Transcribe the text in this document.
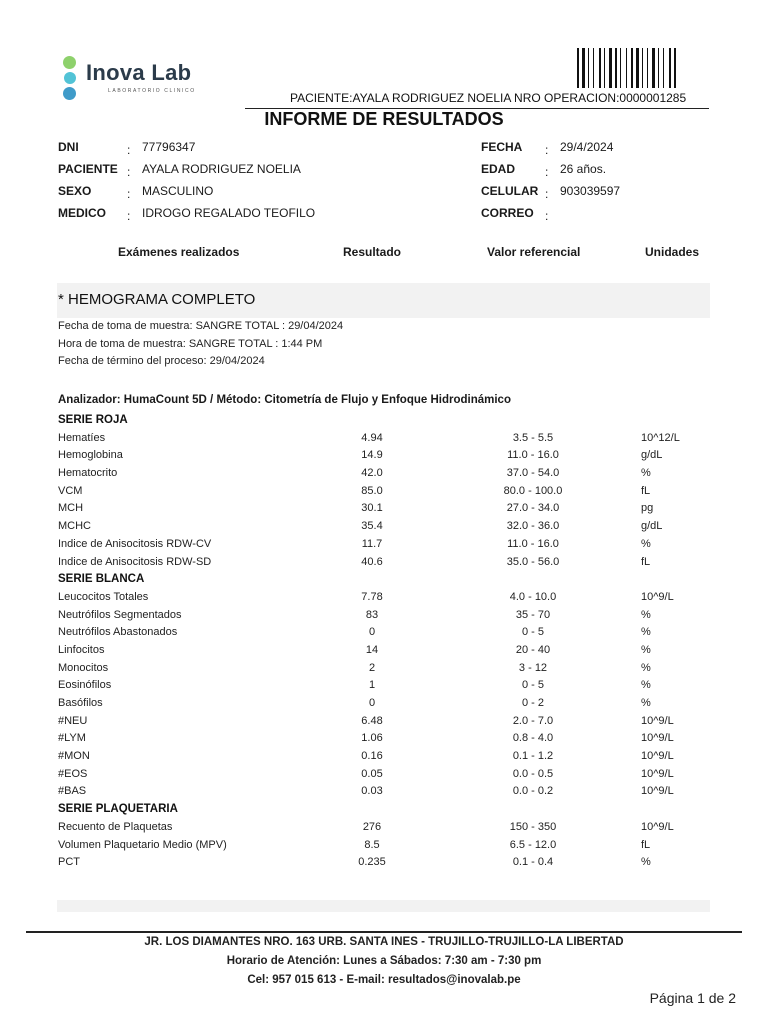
Inova Lab
LABORATORIO CLINICO	PACIENTE:AYALA RODRIGUEZ NOELIA NRO OPERACION:0000001285
INFORME DE RESULTADOS
DNI	: 77796347
PACIENTE : AYALA RODRIGUEZ NOELIA
SEXO	: MASCULINO
MEDICO : IDROGO REGALADO TEOFILO
FECHA : 29/4/2024
EDAD : 26 años.
CELULAR : 903039597
CORREO :
Exámenes realizados	Resultado	Valor referencial	Unidades
* HEMOGRAMA COMPLETO
Fecha de toma de muestra: SANGRE TOTAL : 29/04/2024
Hora de toma de muestra: SANGRE TOTAL : 1:44 PM
Fecha de término del proceso: 29/04/2024
Analizador: HumaCount 5D / Método: Citometría de Flujo y Enfoque Hidrodinámico
SERIE ROJA
Hematíes	4.94	3.5 - 5.5	10^12/L
Hemoglobina	14.9	11.0 - 16.0	g/dL
Hematocrito	42.0	37.0 - 54.0	%
VCM	85.0	80.0 - 100.0	fL
MCH	30.1	27.0 - 34.0	pg
MCHC	35.4	32.0 - 36.0	g/dL
Indice de Anisocitosis RDW-CV	11.7	11.0 - 16.0	%
Indice de Anisocitosis RDW-SD	40.6	35.0 - 56.0	fL
SERIE BLANCA
Leucocitos Totales	7.78	4.0 - 10.0	10^9/L
Neutrófilos Segmentados	83	35 - 70	%
Neutrófilos Abastonados	0	0 - 5	%
Linfocitos	14	20 - 40	%
Monocitos	2	3 - 12	%
Eosinófilos	1	0 - 5	%
Basófilos	0	0 - 2	%
#NEU	6.48	2.0 - 7.0	10^9/L
#LYM	1.06	0.8 - 4.0	10^9/L
#MON	0.16	0.1 - 1.2	10^9/L
#EOS	0.05	0.0 - 0.5	10^9/L
#BAS	0.03	0.0 - 0.2	10^9/L
SERIE PLAQUETARIA
Recuento de Plaquetas	276	150 - 350	10^9/L
Volumen Plaquetario Medio (MPV)	8.5	6.5 - 12.0	fL
PCT	0.235	0.1 - 0.4	%
JR. LOS DIAMANTES NRO. 163 URB. SANTA INES - TRUJILLO-TRUJILLO-LA LIBERTAD
Horario de Atención: Lunes a Sábados: 7:30 am - 7:30 pm
Cel: 957 015 613 - E-mail: resultados@inovalab.pe
Página 1 de 2
